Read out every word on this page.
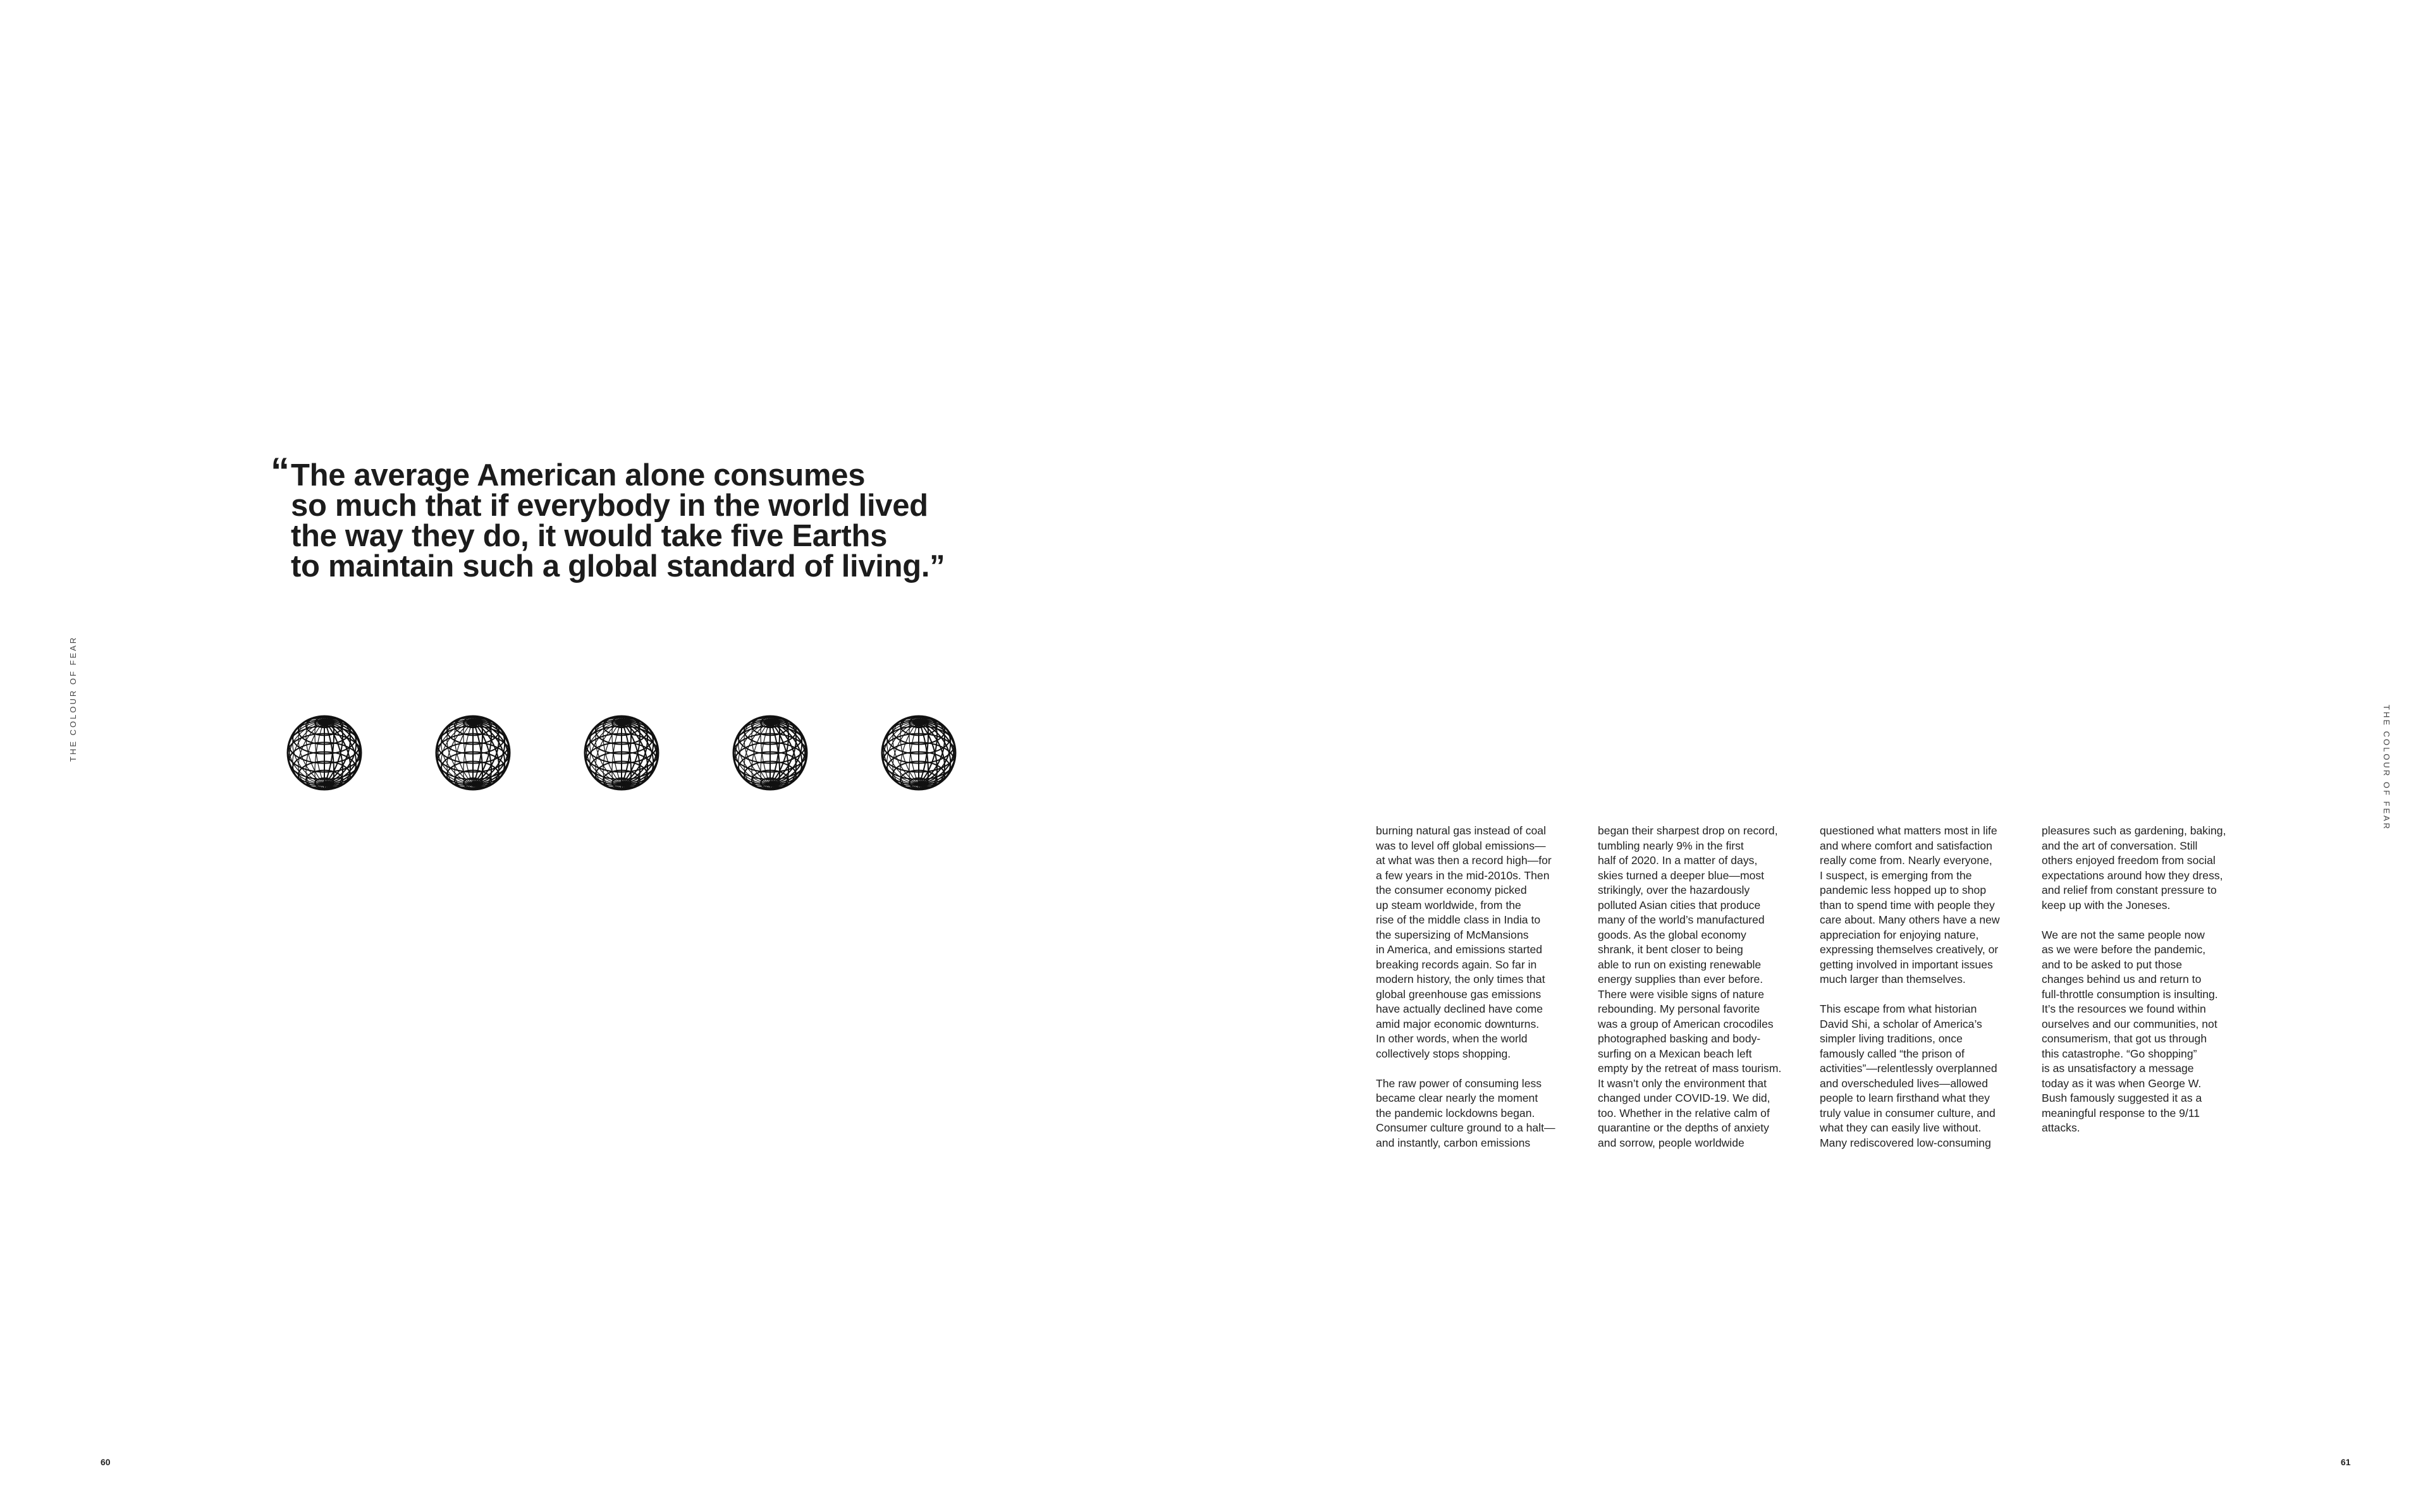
THE COLOUR OF FEAR
“The average American alone consumes
so much that if everybody in the world lived
the way they do, it would take five Earths
to maintain such a global standard of living.”
60

burning natural gas instead of coal
was to level off global emissions—
at what was then a record high—for
a few years in the mid-2010s. Then
the consumer economy picked
up steam worldwide, from the
rise of the middle class in India to
the supersizing of McMansions
in America, and emissions started
breaking records again. So far in
modern history, the only times that
global greenhouse gas emissions
have actually declined have come
amid major economic downturns.
In other words, when the world
collectively stops shopping.

The raw power of consuming less
became clear nearly the moment
the pandemic lockdowns began.
Consumer culture ground to a halt—
and instantly, carbon emissions

began their sharpest drop on record,
tumbling nearly 9% in the first
half of 2020. In a matter of days,
skies turned a deeper blue—most
strikingly, over the hazardously
polluted Asian cities that produce
many of the world’s manufactured
goods. As the global economy
shrank, it bent closer to being
able to run on existing renewable
energy supplies than ever before.
There were visible signs of nature
rebounding. My personal favorite
was a group of American crocodiles
photographed basking and body-
surfing on a Mexican beach left
empty by the retreat of mass tourism.
It wasn’t only the environment that
changed under COVID-19. We did,
too. Whether in the relative calm of
quarantine or the depths of anxiety
and sorrow, people worldwide

questioned what matters most in life
and where comfort and satisfaction
really come from. Nearly everyone,
I suspect, is emerging from the
pandemic less hopped up to shop
than to spend time with people they
care about. Many others have a new
appreciation for enjoying nature,
expressing themselves creatively, or
getting involved in important issues
much larger than themselves.

This escape from what historian
David Shi, a scholar of America’s
simpler living traditions, once
famously called “the prison of
activities”—relentlessly overplanned
and overscheduled lives—allowed
people to learn firsthand what they
truly value in consumer culture, and
what they can easily live without.
Many rediscovered low-consuming

pleasures such as gardening, baking,
and the art of conversation. Still
others enjoyed freedom from social
expectations around how they dress,
and relief from constant pressure to
keep up with the Joneses.

We are not the same people now
as we were before the pandemic,
and to be asked to put those
changes behind us and return to
full-throttle consumption is insulting.
It’s the resources we found within
ourselves and our communities, not
consumerism, that got us through
this catastrophe. “Go shopping”
is as unsatisfactory a message
today as it was when George W.
Bush famously suggested it as a
meaningful response to the 9/11
attacks.

THE COLOUR OF FEAR
61
